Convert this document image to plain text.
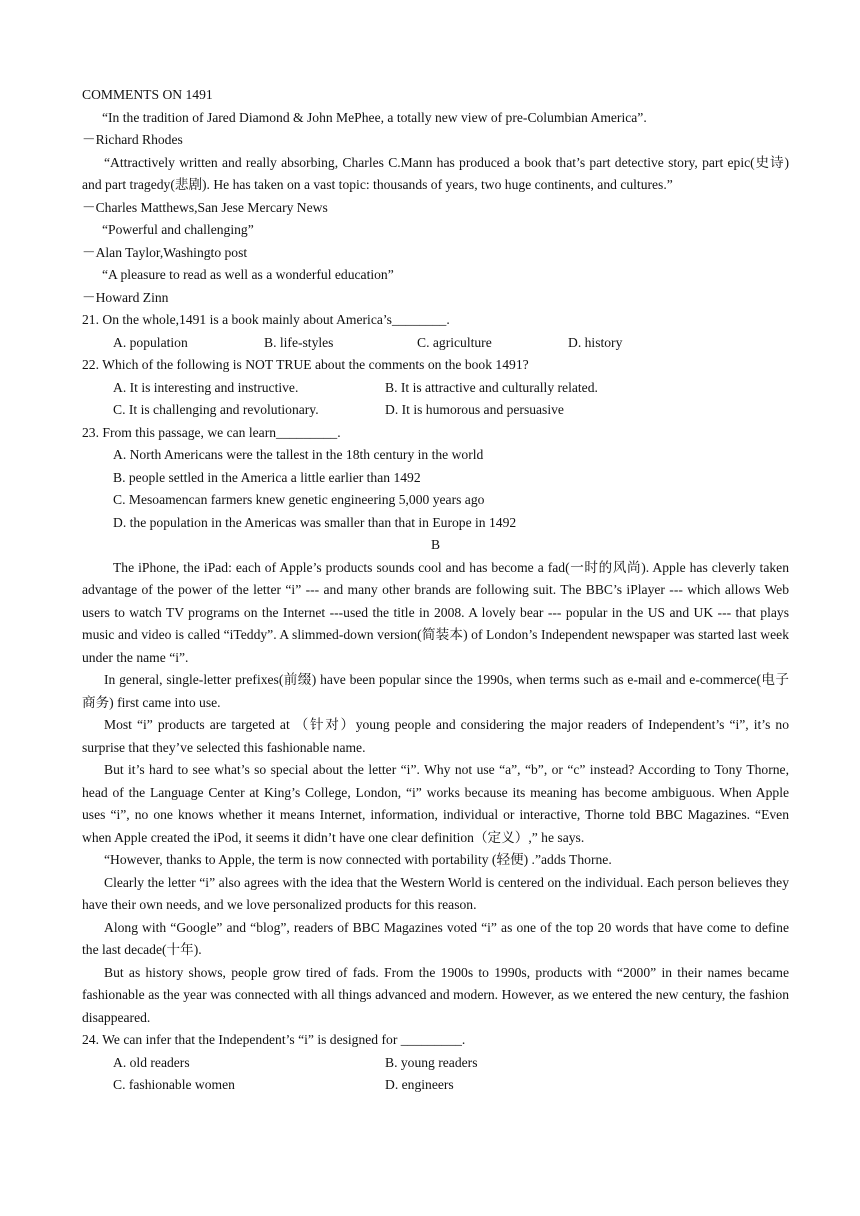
COMMENTS ON 1491
“In the tradition of Jared Diamond & John MePhee, a totally new view of pre-Columbian America”.
－Richard Rhodes

“Attractively written and really absorbing, Charles C.Mann has produced a book that’s part detective story, part epic(史诗) and part tragedy(悲剧). He has taken on a vast topic: thousands of years, two huge continents, and cultures.”

－Charles Matthews,San Jese Mercary News
“Powerful and challenging”
－Alan Taylor,Washingto post
“A pleasure to read as well as a wonderful education”
－Howard Zinn
21. On the whole,1491 is a book mainly about America’s________.
A. population	B. life-styles	C. agriculture	D. history
22. Which of the following is NOT TRUE about the comments on the book 1491?
A. It is interesting and instructive.	B. It is attractive and culturally related.
C. It is challenging and revolutionary.	D. It is humorous and persuasive
23. From this passage, we can learn_________.
A. North Americans were the tallest in the 18th century in the world
B. people settled in the America a little earlier than 1492
C. Mesoamencan farmers knew genetic engineering 5,000 years ago
D. the population in the Americas was smaller than that in Europe in 1492
B

The iPhone, the iPad: each of Apple’s products sounds cool and has become a fad(一时的风尚). Apple has cleverly taken advantage of the power of the letter “i” --- and many other brands are following suit. The BBC’s iPlayer --- which allows Web users to watch TV programs on the Internet ---used the title in 2008. A lovely bear --- popular in the US and UK --- that plays music and video is called “iTeddy”. A slimmed-down version(简装本) of London’s Independent newspaper was started last week under the name “i”.

In general, single-letter prefixes(前缀) have been popular since the 1990s, when terms such as e-mail and e-commerce(电子商务) first came into use.

Most “i” products are targeted at （针对）young people and considering the major readers of Independent’s “i”, it’s no surprise that they’ve selected this fashionable name.

But it’s hard to see what’s so special about the letter “i”. Why not use “a”, “b”, or “c” instead? According to Tony Thorne, head of the Language Center at King’s College, London, “i” works because its meaning has become ambiguous. When Apple uses “i”, no one knows whether it means Internet, information, individual or interactive, Thorne told BBC Magazines. “Even when Apple created the iPod, it seems it didn’t have one clear definition（定义）,” he says.

“However, thanks to Apple, the term is now connected with portability (轻便) .”adds Thorne.

Clearly the letter “i” also agrees with the idea that the Western World is centered on the individual. Each person believes they have their own needs, and we love personalized products for this reason.

Along with “Google” and “blog”, readers of BBC Magazines voted “i” as one of the top 20 words that have come to define the last decade(十年).

But as history shows, people grow tired of fads. From the 1900s to 1990s, products with “2000” in their names became fashionable as the year was connected with all things advanced and modern. However, as we entered the new century, the fashion disappeared.

24. We can infer that the Independent’s “i” is designed for _________.
A. old readers	B. young readers
C. fashionable women	D. engineers
